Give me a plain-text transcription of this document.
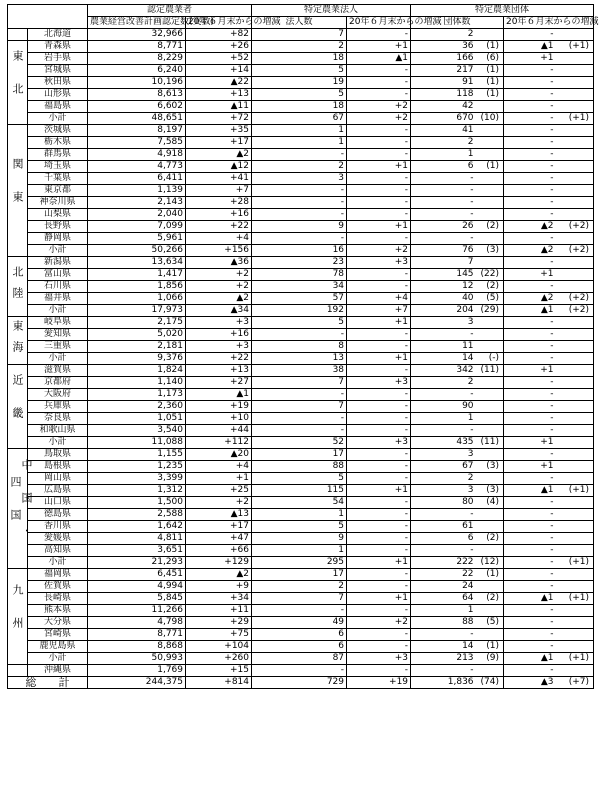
		認定農業者		特定農業法人		特定農業団体			
		農業経営改善計画認定数(実数)	20年６月末からの増減	法人数	20年６月末からの増減	団体数		20年６月末からの増減	
	北海道	32,966	+82	7	-	2		-	

東北	青森県	8,771	+26	2	+1	36	(1)	▲1	(+1)
	岩手県	8,229	+52	18	▲1	166	(6)	+1	
	宮城県	6,240	+14	5	-	217	(1)	-	
	秋田県	10,196	▲22	19	-	91	(1)	-	
	山形県	8,613	+13	5	-	118	(1)	-	
	福島県	6,602	▲11	18	+2	42		-	
	小計	48,651	+72	67	+2	670	(10)	-	(+1)

関東	茨城県	8,197	+35	1	-	41		-	
	栃木県	7,585	+17	1	-	2		-	
	群馬県	4,918	▲2	-	-	1		-	
	埼玉県	4,773	▲12	2	+1	6	(1)	-	
	千葉県	6,411	+41	3	-	-		-	
	東京都	1,139	+7	-	-	-		-	
	神奈川県	2,143	+28	-	-	-		-	
	山梨県	2,040	+16	-	-	-		-	
	長野県	7,099	+22	9	+1	26	(2)	▲2	(+2)
	静岡県	5,961	+4	-	-	-		-	
	小計	50,266	+156	16	+2	76	(3)	▲2	(+2)

北陸	新潟県	13,634	▲36	23	+3	7		-	
	富山県	1,417	+2	78	-	145	(22)	+1	
	石川県	1,856	+2	34	-	12	(2)	-	
	福井県	1,066	▲2	57	+4	40	(5)	▲2	(+2)
	小計	17,973	▲34	192	+7	204	(29)	▲1	(+2)

東海	岐阜県	2,175	+3	5	+1	3		-	
	愛知県	5,020	+16	-	-	-		-	
	三重県	2,181	+3	8	-	11		-	
	小計	9,376	+22	13	+1	14	(-)	-	

近畿	滋賀県	1,824	+13	38	-	342	(11)	+1	
	京都府	1,140	+27	7	+3	2		-	
	大阪府	1,173	▲1	-	-	-		-	
	兵庫県	2,360	+19	7	-	90		-	
	奈良県	1,051	+10	-	-	1		-	
	和歌山県	3,540	+44	-	-	-		-	
	小計	11,088	+112	52	+3	435	(11)	+1	

中国・四国	鳥取県	1,155	▲20	17	-	3		-	
	島根県	1,235	+4	88	-	67	(3)	+1	
	岡山県	3,399	+1	5	-	2		-	
	広島県	1,312	+25	115	+1	3	(3)	▲1	(+1)
	山口県	1,500	+2	54	-	80	(4)	-	
	徳島県	2,588	▲13	1	-	-		-	
	香川県	1,642	+17	5	-	61		-	
	愛媛県	4,811	+47	9	-	6	(2)	-	
	高知県	3,651	+66	1	-	-		-	
	小計	21,293	+129	295	+1	222	(12)	-	(+1)

九州	福岡県	6,451	▲2	17	-	22	(1)	-	
	佐賀県	4,994	+9	2	-	24		-	
	長崎県	5,845	+34	7	+1	64	(2)	▲1	(+1)
	熊本県	11,266	+11	-	-	1		-	
	大分県	4,798	+29	49	+2	88	(5)	-	
	宮崎県	8,771	+75	6	-	-		-	
	鹿児島県	8,868	+104	6	-	14	(1)	-	
	小計	50,993	+260	87	+3	213	(9)	▲1	(+1)
	沖縄県	1,769	+15	-	-	-		-	
総　　計		244,375	+814	729	+19	1,836	(74)	▲3	(+7)
